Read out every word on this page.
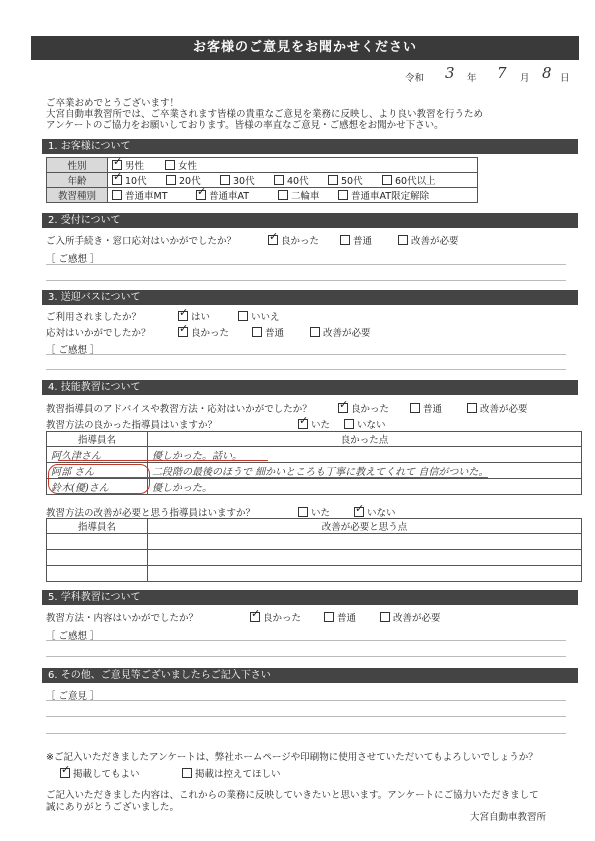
お客様のご意見をお聞かせください
令和 3 年 7 月 8 日
ご卒業おめでとうございます！
大宮自動車教習所では、ご卒業されます皆様の貴重なご意見を業務に反映し、より良い教習を行うため
アンケートのご協力をお願いしております。皆様の率直なご意見・ご感想をお聞かせ下さい。
1. お客様について
性別	✓男性 女性
年齢	✓10代 20代 30代 40代 50代 60代以上
教習種別	普通車MT ✓ 普通車AT 二輪車 普通車AT限定解除
2. 受付について
ご入所手続き・窓口応対はいかがでしたか？ ✓	良かった	普通	改善が必要
［ ご感想 ］
3. 送迎バスについて
ご利用されましたか？ ✓	はい	いいえ
応対はいかがでしたか？ ✓	良かった	普通	改善が必要
［ ご感想 ］
4. 技能教習について
教習指導員のアドバイスや教習方法・応対はいかがでしたか？ ✓	良かった	普通	改善が必要
教習方法の良かった指導員はいますか？ ✓	いた	いない
指導員名	良かった点
阿久津さん	優しかった。話い。
阿部 さん	二段階の最後のほうで 細かいところも丁寧に教えてくれて 自信がついた。
鈴木(優)さん	優しかった。
教習方法の改善が必要と思う指導員はいますか？	いた ✓	いない
指導員名	改善が必要と思う点

5. 学科教習について
教習方法・内容はいかがでしたか？ ✓	良かった	普通	改善が必要
［ ご感想 ］
6. その他、ご意見等ございましたらご記入下さい
［ ご意見 ］
※ご記入いただきましたアンケートは、弊社ホームページや印刷物に使用させていただいてもよろしいでしょうか？
✓掲載してもよい	掲載は控えてほしい
ご記入いただきました内容は、これからの業務に反映していきたいと思います。アンケートにご協力いただきまして
誠にありがとうございました。
大宮自動車教習所
